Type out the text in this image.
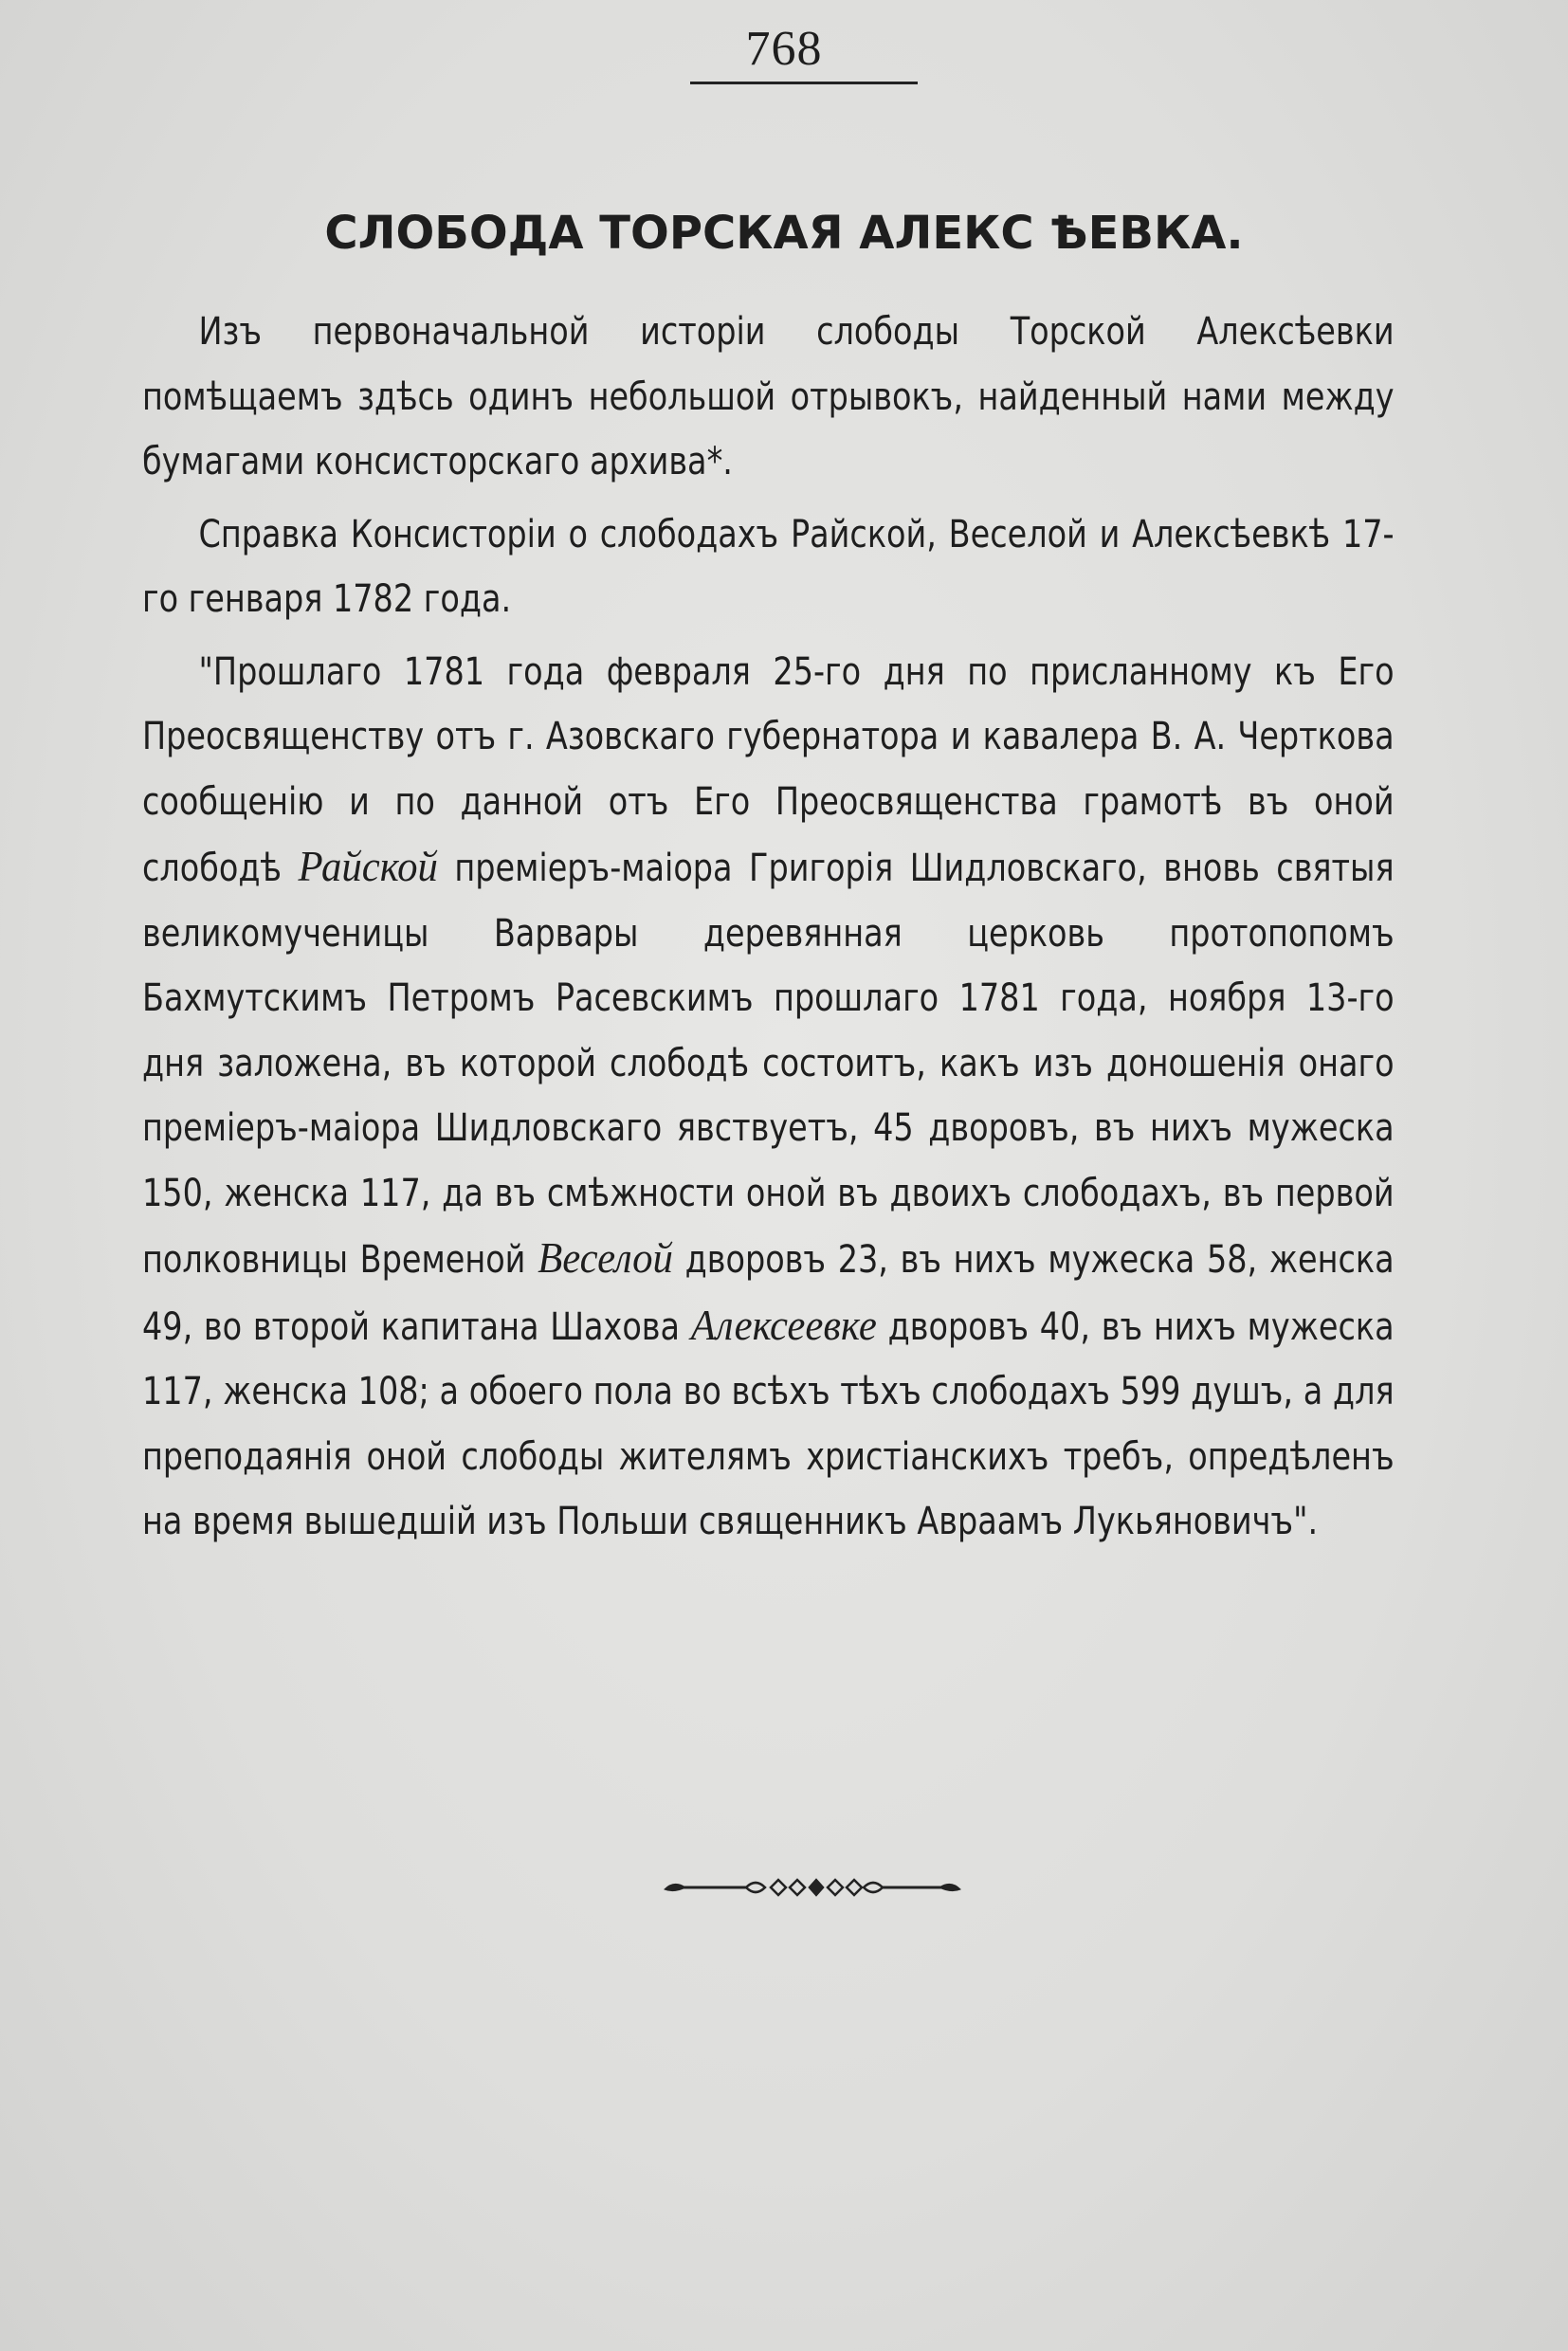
768
СЛОБОДА ТОРСКАЯ АЛЕКС ѢЕВКА.

Изъ первоначальной исторіи слободы Торской Алексѣевки помѣщаемъ здѣсь одинъ небольшой отрывокъ, найденный нами между бумагами консисторскаго архива*.

Справка Консисторіи о слободахъ Райской, Веселой и Алексѣевкѣ 17-го генваря 1782 года.

"Прошлаго 1781 года февраля 25-го дня по присланному къ Его Преосвященству отъ г. Азовскаго губернатора и кавалера В. А. Черткова сообщенію и по данной отъ Его Преосвященства грамотѣ въ оной слободѣ Райской преміеръ-маіора Григорія Шидловскаго, вновь святыя великомученицы Варвары деревянная церковь протопопомъ Бахмутскимъ Петромъ Расевскимъ прошлаго 1781 года, ноября 13-го дня заложена, въ которой слободѣ состоитъ, какъ изъ доношенія онагo преміеръ-маіора Шидловскаго явствуетъ, 45 дворовъ, въ нихъ мужеска 150, женска 117, да въ смѣжности оной въ двоихъ слободахъ, въ первой полковницы Временой Веселой дворовъ 23, въ нихъ мужеска 58, женска 49, во второй капитана Шахова Алексеевке дворовъ 40, въ нихъ мужеска 117, женска 108; а обоего пола во всѣхъ тѣхъ слободахъ 599 душъ, а для преподаянія оной слободы жителямъ христіанскихъ требъ, опредѣленъ на время вышедшій изъ Польши священникъ Авраамъ Лукьяновичъ".
